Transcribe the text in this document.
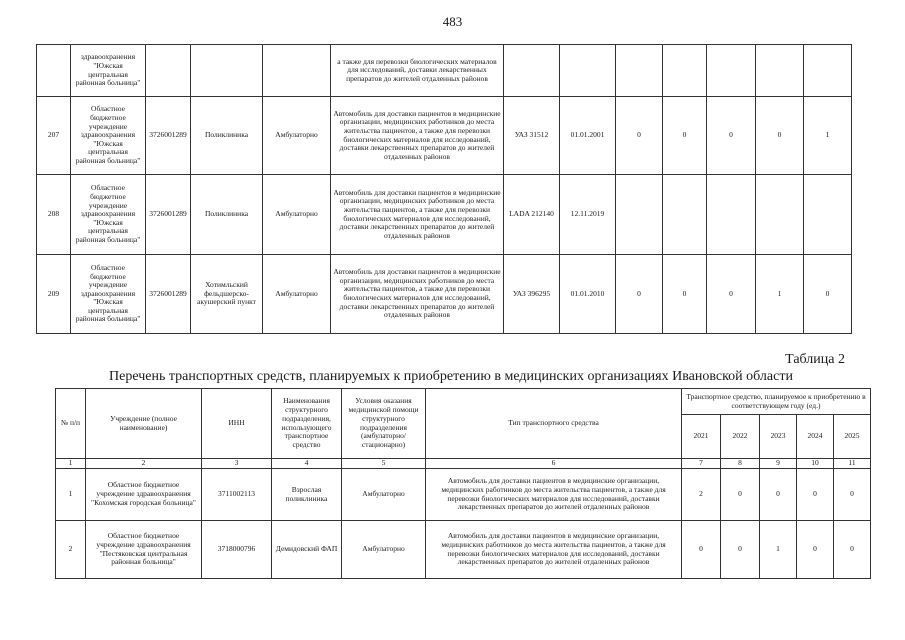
483
	здравоохранения "Южская центральная районная больница"				а также для перевозки биологических материалов для исследований, доставки лекарственных препаратов до жителей отдаленных районов							
207	Областное бюджетное учреждение здравоохранения "Южская центральная районная больница"	3726001289	Поликлиника	Амбулаторно	Автомобиль для доставки пациентов в медицинские организации, медицинских работников до места жительства пациентов, а также для перевозки биологических материалов для исследований, доставки лекарственных препаратов до жителей отдаленных районов	УАЗ 31512	01.01.2001	0	0	0	0	1
208	Областное бюджетное учреждение здравоохранения "Южская центральная районная больница"	3726001289	Поликлиника	Амбулаторно	Автомобиль для доставки пациентов в медицинские организации, медицинских работников до места жительства пациентов, а также для перевозки биологических материалов для исследований, доставки лекарственных препаратов до жителей отдаленных районов	LADA 212140	12.11.2019					
209	Областное бюджетное учреждение здравоохранения "Южская центральная районная больница"	3726001289	Хотимльский фельдшерско-акушерский пункт	Амбулаторно	Автомобиль для доставки пациентов в медицинские организации, медицинских работников до места жительства пациентов, а также для перевозки биологических материалов для исследований, доставки лекарственных препаратов до жителей отдаленных районов	УАЗ 396295	01.01.2010	0	0	0	1	0
Таблица 2
Перечень транспортных средств, планируемых к приобретению в медицинских организациях Ивановской области
№ п/п	Учреждение (полное наименование)	ИНН	Наименования структурного подразделения, использующего транспортное средство	Условия оказания медицинской помощи структурного подразделения (амбулаторно/ стационарно)	Тип транспортного средства	Транспортное средство, планируемое к приобретению в соответствующем году (ед.)				
						2021	2022	2023	2024	2025
1	2	3	4	5	6	7	8	9	10	11
1	Областное бюджетное учреждение здравоохранения "Кохомская городская больница"	3711002113	Взрослая поликлиника	Амбулаторно	Автомобиль для доставки пациентов в медицинские организации, медицинских работников до места жительства пациентов, а также для перевозки биологических материалов для исследований, доставки лекарственных препаратов до жителей отдаленных районов	2	0	0	0	0
2	Областное бюджетное учреждение здравоохранения "Пестяковская центральная районная больница"	3718000796	Демидовский ФАП	Амбулаторно	Автомобиль для доставки пациентов в медицинские организации, медицинских работников до места жительства пациентов, а также для перевозки биологических материалов для исследований, доставки лекарственных препаратов до жителей отдаленных районов	0	0	1	0	0
